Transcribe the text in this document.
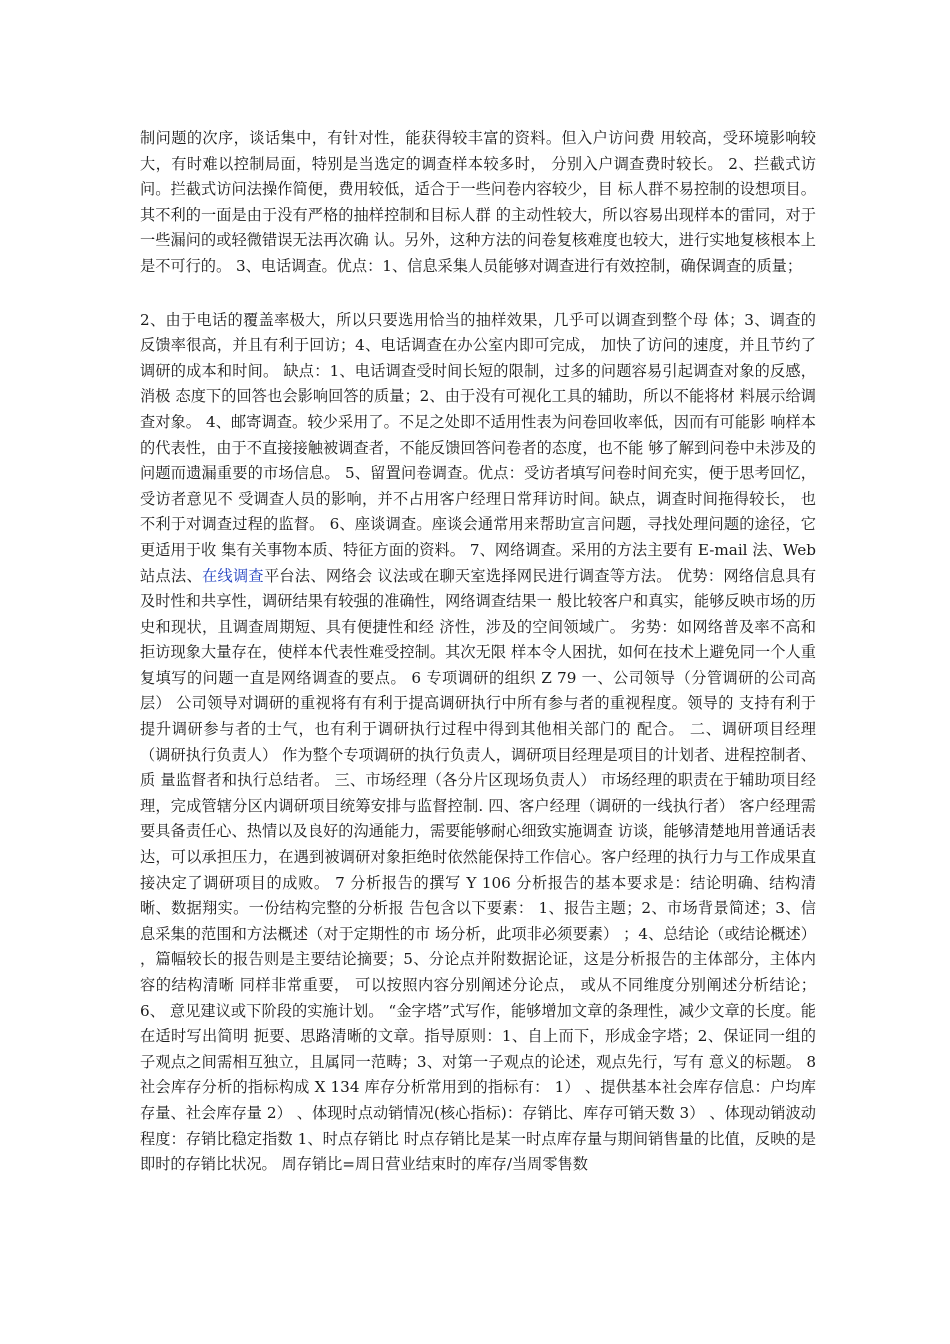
制问题的次序，谈话集中，有针对性，能获得较丰富的资料。但入户访问费 用较高，受环境影响较大，有时难以控制局面，特别是当选定的调查样本较多时， 分别入户调查费时较长。 2、拦截式访问。拦截式访问法操作简便，费用较低，适合于一些问卷内容较少，目 标人群不易控制的设想项目。其不利的一面是由于没有严格的抽样控制和目标人群 的主动性较大，所以容易出现样本的雷同，对于一些漏问的或轻微错误无法再次确 认。另外，这种方法的问卷复核难度也较大，进行实地复核根本上是不可行的。 3、电话调查。优点：1、信息采集人员能够对调查进行有效控制，确保调查的质量；

2、由于电话的覆盖率极大，所以只要选用恰当的抽样效果，几乎可以调查到整个母 体；3、调查的反馈率很高，并且有利于回访；4、电话调查在办公室内即可完成， 加快了访问的速度，并且节约了调研的成本和时间。 缺点：1、电话调查受时间长短的限制，过多的问题容易引起调查对象的反感，消极 态度下的回答也会影响回答的质量；2、由于没有可视化工具的辅助，所以不能将材 料展示给调查对象。 4、邮寄调查。较少采用了。不足之处即不适用性表为问卷回收率低，因而有可能影 响样本的代表性，由于不直接接触被调查者，不能反馈回答问卷者的态度，也不能 够了解到问卷中未涉及的问题而遗漏重要的市场信息。 5、留置问卷调查。优点：受访者填写问卷时间充实，便于思考回忆，受访者意见不 受调查人员的影响，并不占用客户经理日常拜访时间。缺点，调查时间拖得较长， 也不利于对调查过程的监督。 6、座谈调查。座谈会通常用来帮助宣言问题，寻找处理问题的途径，它更适用于收 集有关事物本质、特征方面的资料。 7、网络调查。采用的方法主要有 E-mail 法、Web 站点法、在线调查平台法、网络会 议法或在聊天室选择网民进行调查等方法。 优势：网络信息具有及时性和共享性，调研结果有较强的准确性，网络调查结果一 般比较客户和真实，能够反映市场的历史和现状，且调查周期短、具有便捷性和经 济性，涉及的空间领域广。 劣势：如网络普及率不高和拒访现象大量存在，使样本代表性难受控制。其次无限 样本令人困扰，如何在技术上避免同一个人重复填写的问题一直是网络调查的要点。 6 专项调研的组织 Z 79 一、公司领导（分管调研的公司高层） 公司领导对调研的重视将有有利于提高调研执行中所有参与者的重视程度。领导的 支持有利于提升调研参与者的士气，也有利于调研执行过程中得到其他相关部门的 配合。 二、调研项目经理（调研执行负责人） 作为整个专项调研的执行负责人，调研项目经理是项目的计划者、进程控制者、质 量监督者和执行总结者。 三、市场经理（各分片区现场负责人） 市场经理的职责在于辅助项目经理，完成管辖分区内调研项目统筹安排与监督控制. 四、客户经理（调研的一线执行者） 客户经理需要具备责任心、热情以及良好的沟通能力，需要能够耐心细致实施调查 访谈，能够清楚地用普通话表达，可以承担压力，在遇到被调研对象拒绝时依然能保持工作信心。客户经理的执行力与工作成果直接决定了调研项目的成败。 7 分析报告的撰写 Y 106 分析报告的基本要求是：结论明确、结构清晰、数据翔实。一份结构完整的分析报 告包含以下要素： 1、报告主题；2、市场背景简述；3、信息采集的范围和方法概述（对于定期性的市 场分析，此项非必须要素） ；4、总结论（或结论概述） ，篇幅较长的报告则是主要结论摘要；5、分论点并附数据论证，这是分析报告的主体部分，主体内容的结构清晰 同样非常重要， 可以按照内容分别阐述分论点， 或从不同维度分别阐述分析结论； 6、 意见建议或下阶段的实施计划。 “金字塔”式写作，能够增加文章的条理性，减少文章的长度。能在适时写出简明 扼要、思路清晰的文章。指导原则：1、自上而下，形成金字塔；2、保证同一组的 子观点之间需相互独立，且属同一范畴；3、对第一子观点的论述，观点先行，写有 意义的标题。 8 社会库存分析的指标构成 X 134 库存分析常用到的指标有： 1） 、提供基本社会库存信息：户均库存量、社会库存量 2） 、体现时点动销情况(核心指标)：存销比、库存可销天数 3） 、体现动销波动程度：存销比稳定指数 1、时点存销比 时点存销比是某一时点库存量与期间销售量的比值，反映的是即时的存销比状况。 周存销比=周日营业结束时的库存/当周零售数
